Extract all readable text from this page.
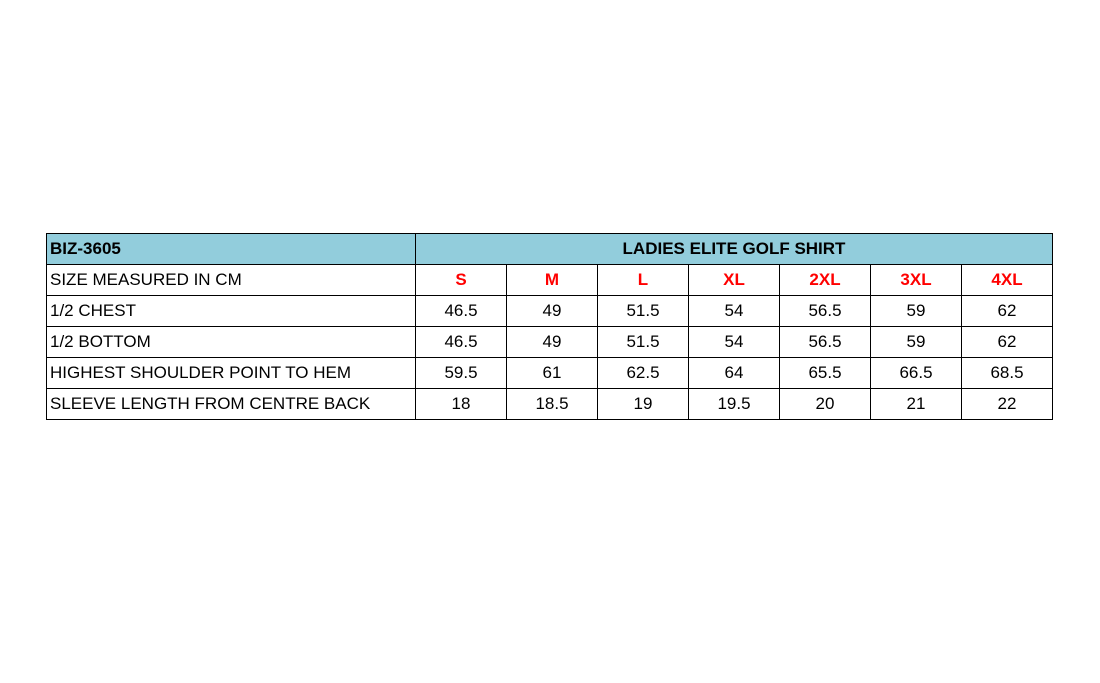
BIZ-3605	LADIES ELITE GOLF SHIRT						
SIZE MEASURED IN CM	S	M	L	XL	2XL	3XL	4XL
1/2 CHEST	46.5	49	51.5	54	56.5	59	62
1/2 BOTTOM	46.5	49	51.5	54	56.5	59	62
HIGHEST SHOULDER POINT TO HEM	59.5	61	62.5	64	65.5	66.5	68.5
SLEEVE LENGTH FROM CENTRE BACK	18	18.5	19	19.5	20	21	22
